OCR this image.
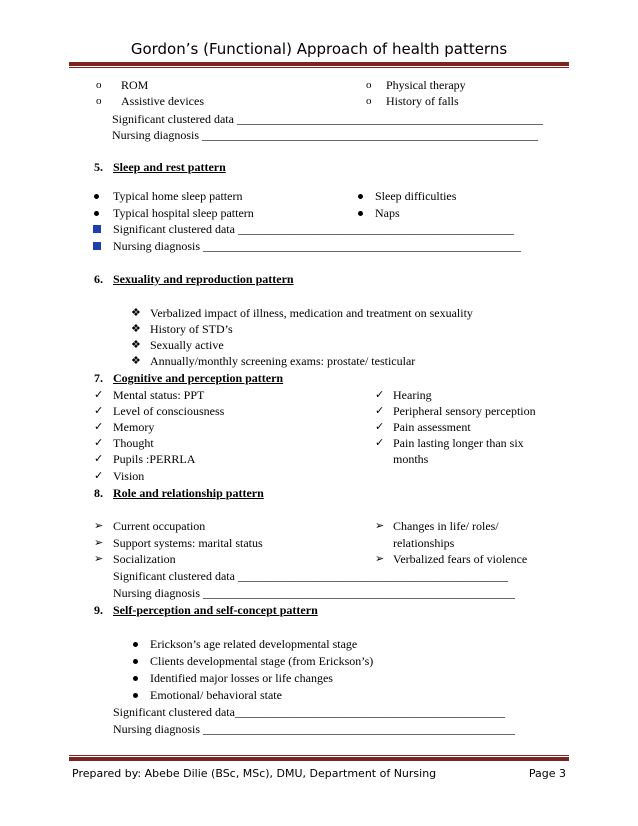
Gordon’s (Functional) Approach of health patterns
o ROM
o Assistive devices
o Physical therapy
o History of falls
Significant clustered data ___________________________________________________
Nursing diagnosis ________________________________________________________
5. Sleep and rest pattern
Typical home sleep pattern
Typical hospital sleep pattern
Sleep difficulties
Naps
Significant clustered data ______________________________________________
Nursing diagnosis _____________________________________________________
6. Sexuality and reproduction pattern
❖ Verbalized impact of illness, medication and treatment on sexuality
❖ History of STD’s
❖ Sexually active
❖ Annually/monthly screening exams: prostate/ testicular
7. Cognitive and perception pattern
✓ Mental status: PPT
✓ Level of consciousness
✓ Memory
✓ Thought
✓ Pupils :PERRLA
✓ Vision
✓ Hearing
✓ Peripheral sensory perception
✓ Pain assessment
✓ Pain lasting longer than six
months
8. Role and relationship pattern
➢ Current occupation
➢ Support systems: marital status
➢ Socialization
➢ Changes in life/ roles/
relationships
➢ Verbalized fears of violence
Significant clustered data _____________________________________________
Nursing diagnosis ____________________________________________________
9. Self-perception and self-concept pattern
Erickson’s age related developmental stage
Clients developmental stage (from Erickson’s)
Identified major losses or life changes
Emotional/ behavioral state
Significant clustered data_____________________________________________
Nursing diagnosis ____________________________________________________
Prepared by: Abebe Dilie (BSc, MSc), DMU, Department of Nursing	Page 3
